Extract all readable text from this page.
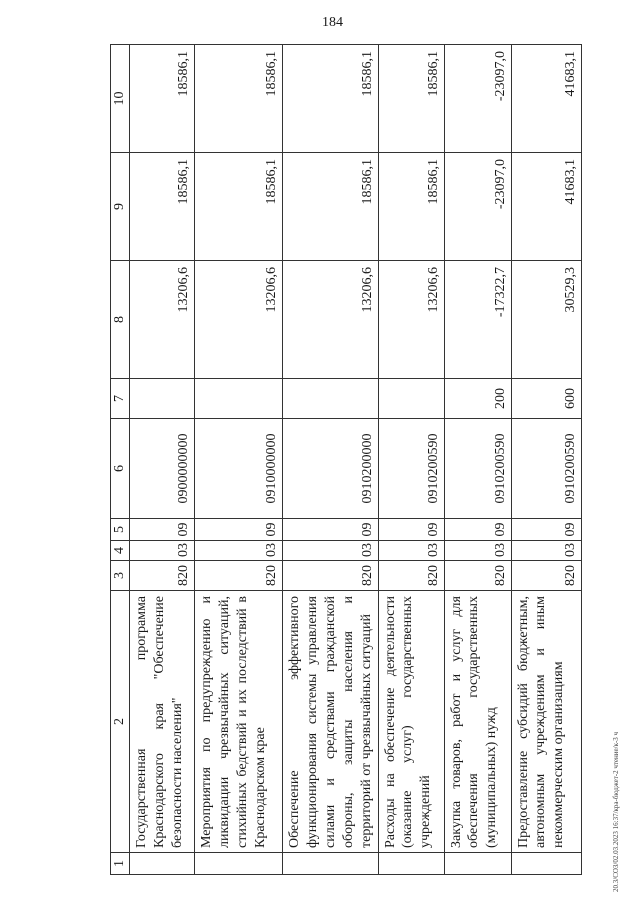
184
1	2	3	4	5	6	7	8	9	10
	Государственная программа Краснодарского края "Обеспечение безопасности населения"	820	03	09	0900000000		13206,6	18586,1	18586,1
	Мероприятия по предупреждению и ликвидации чрезвычайных ситуаций, стихийных бедствий и их последствий в Краснодарском крае	820	03	09	0910000000		13206,6	18586,1	18586,1
	Обеспечение эффективного функционирования системы управления силами и средствами гражданской обороны, защиты населения и территорий от чрезвычайных ситуаций	820	03	09	0910200000		13206,6	18586,1	18586,1
	Расходы на обеспечение деятельности (оказание услуг) государственных учреждений	820	03	09	0910200590		13206,6	18586,1	18586,1
	Закупка товаров, работ и услуг для обеспечения государственных (муниципальных) нужд	820	03	09	0910200590	200	-17322,7	-23097,0	-23097,0
	Предоставление субсидий бюджетным, автономным учреждениям и иным некоммерческим организациям	820	03	09	0910200590	600	30529,3	41683,1	41683,1
20.3/СОЗ/02.03.2023 16:37/кра-бюджет-2 чтение/к-3 ч
